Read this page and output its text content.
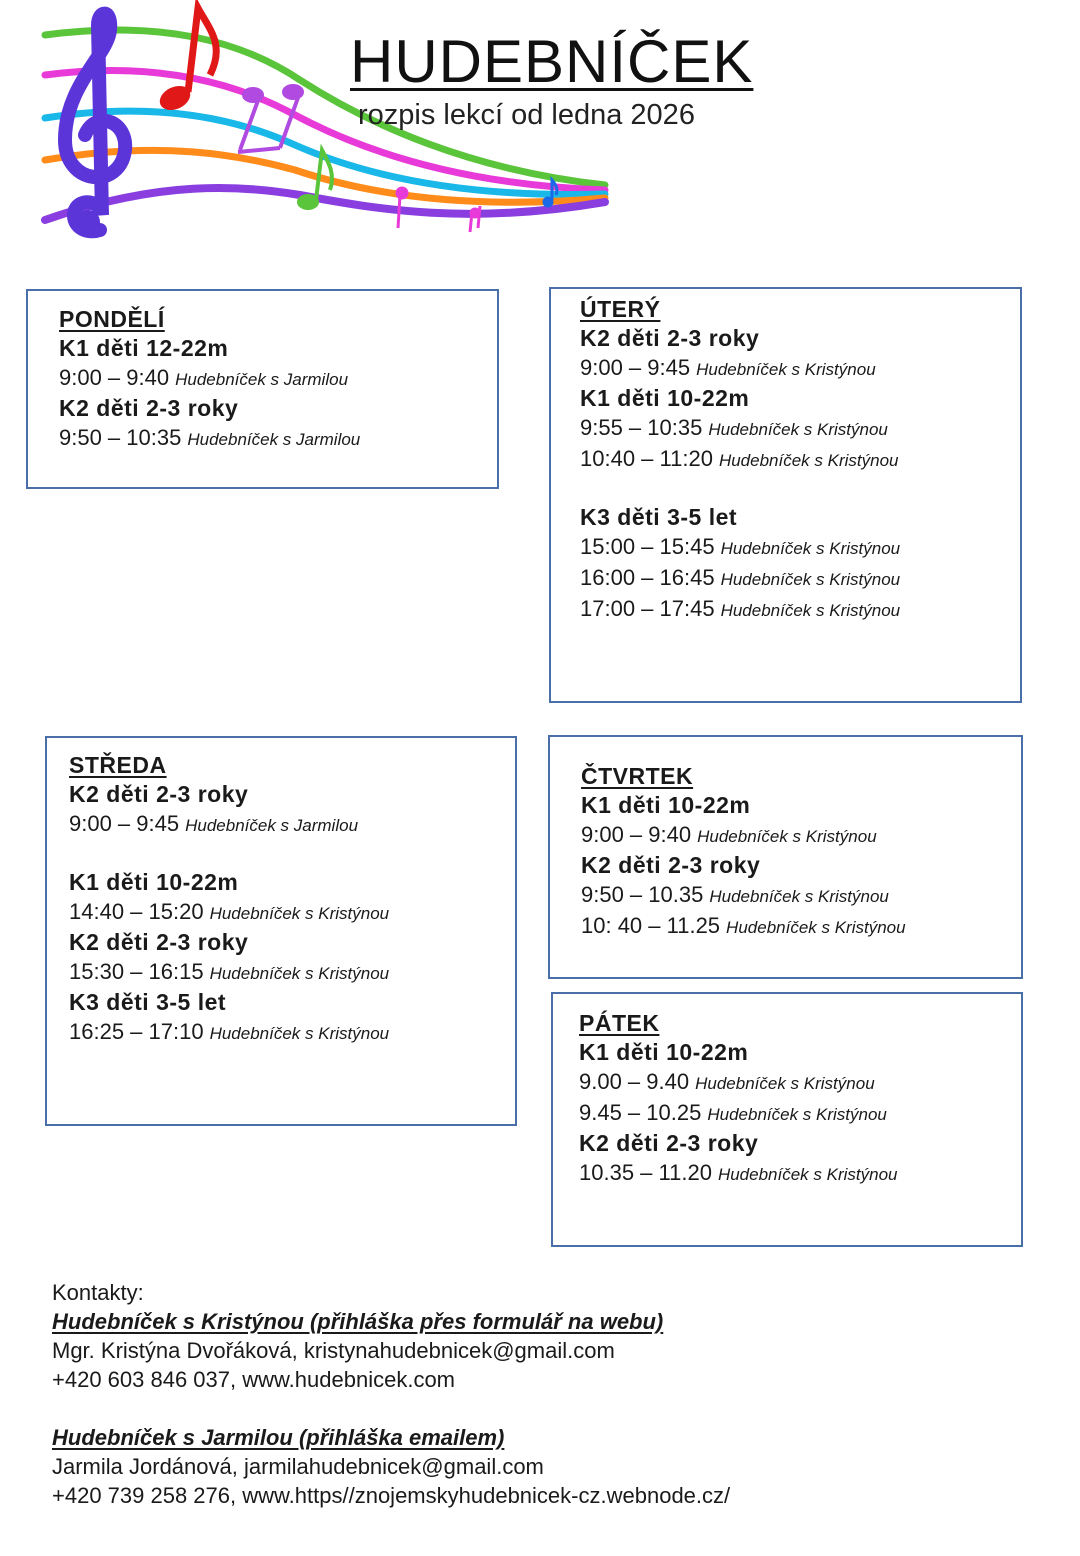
HUDEBNÍČEK
rozpis lekcí od ledna 2026
PONDĚLÍ
K1 děti 12-22m
9:00 – 9:40 Hudebníček s Jarmilou
K2 děti 2-3 roky
9:50 – 10:35 Hudebníček s Jarmilou
ÚTERÝ
K2 děti 2-3 roky
9:00 – 9:45 Hudebníček s Kristýnou
K1 děti 10-22m
9:55 – 10:35 Hudebníček s Kristýnou
10:40 – 11:20 Hudebníček s Kristýnou
K3 děti 3-5 let
15:00 – 15:45 Hudebníček s Kristýnou
16:00 – 16:45 Hudebníček s Kristýnou
17:00 – 17:45 Hudebníček s Kristýnou
STŘEDA
K2 děti 2-3 roky
9:00 – 9:45 Hudebníček s Jarmilou
K1 děti 10-22m
14:40 – 15:20 Hudebníček s Kristýnou
K2 děti 2-3 roky
15:30 – 16:15 Hudebníček s Kristýnou
K3 děti 3-5 let
16:25 – 17:10 Hudebníček s Kristýnou
ČTVRTEK
K1 děti 10-22m
9:00 – 9:40 Hudebníček s Kristýnou
K2 děti 2-3 roky
9:50 – 10.35 Hudebníček s Kristýnou
10: 40 – 11.25 Hudebníček s Kristýnou
PÁTEK
K1 děti 10-22m
9.00 – 9.40 Hudebníček s Kristýnou
9.45 – 10.25 Hudebníček s Kristýnou
K2 děti 2-3 roky
10.35 – 11.20 Hudebníček s Kristýnou
Kontakty:
Hudebníček s Kristýnou (přihláška přes formulář na webu)
Mgr. Kristýna Dvořáková, kristynahudebnicek@gmail.com
+420 603 846 037, www.hudebnicek.com
Hudebníček s Jarmilou (přihláška emailem)
Jarmila Jordánová, jarmilahudebnicek@gmail.com
+420 739 258 276, www.https//znojemskyhudebnicek-cz.webnode.cz/
